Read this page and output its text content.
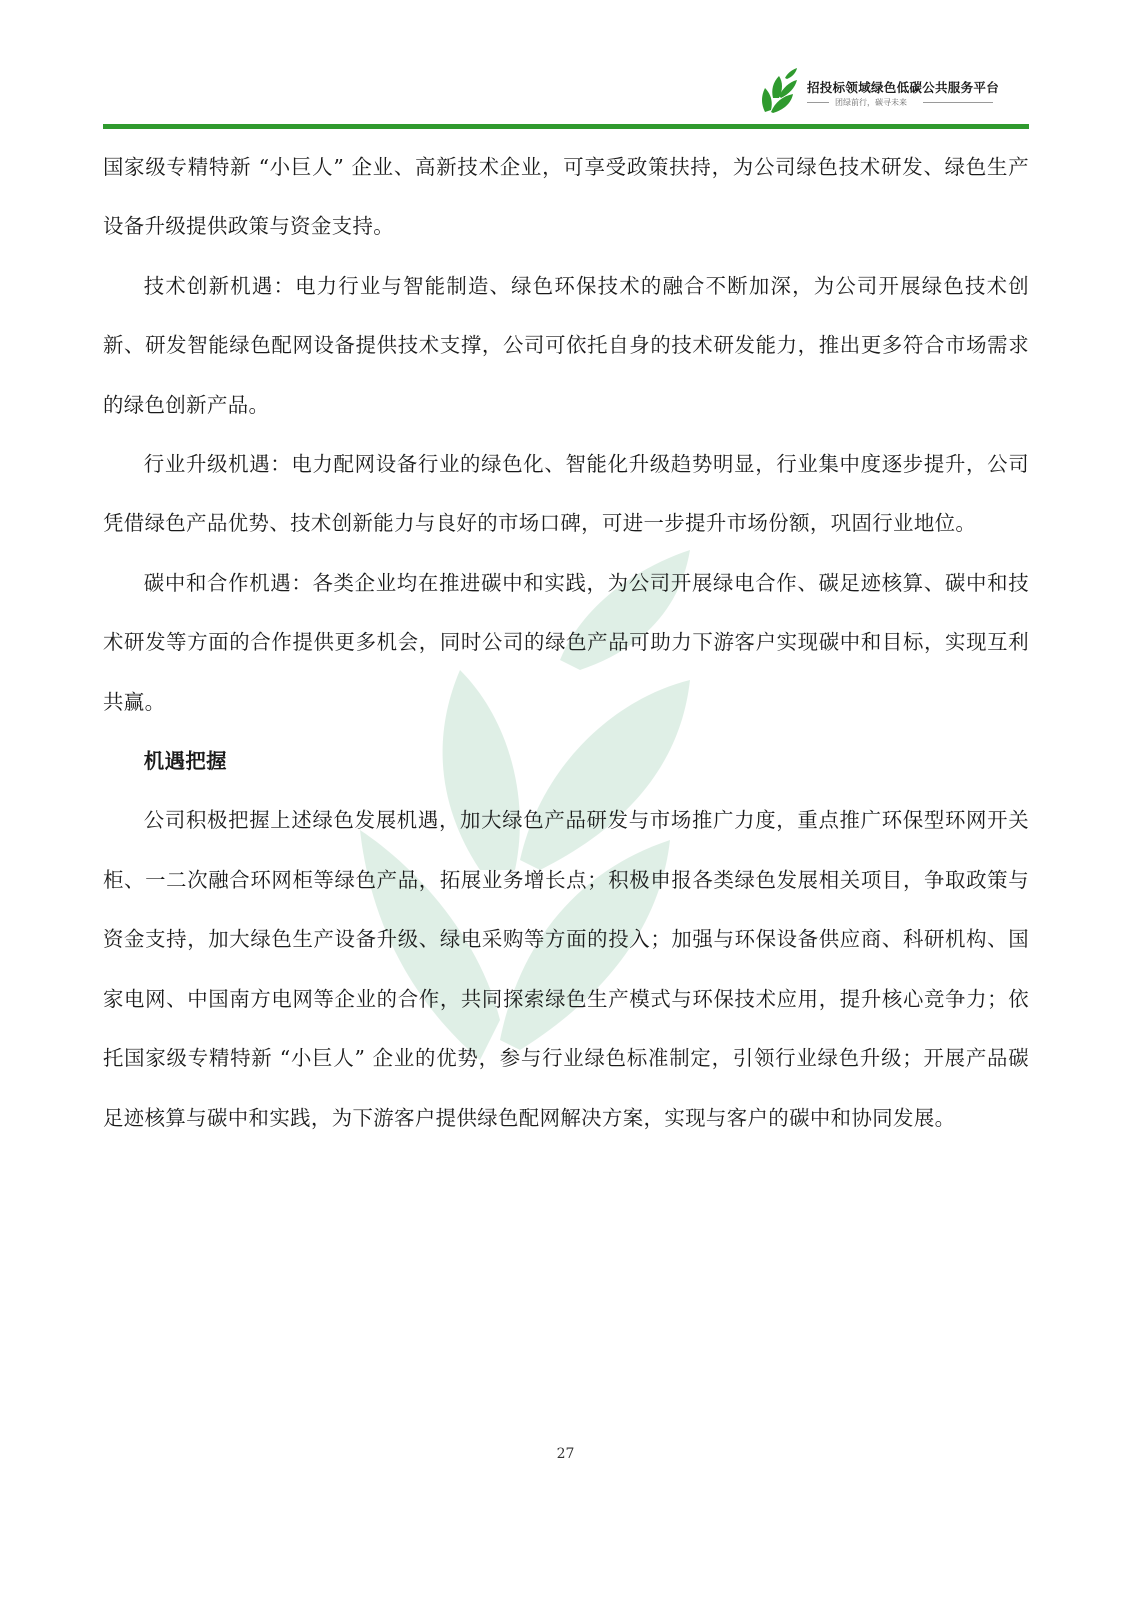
招投标领域绿色低碳公共服务平台
团绿前行，碳寻未来

国家级专精特新 “小巨人” 企业、高新技术企业，可享受政策扶持，为公司绿色技术研发、绿色生产设备升级提供政策与资金支持。

技术创新机遇：电力行业与智能制造、绿色环保技术的融合不断加深，为公司开展绿色技术创新、研发智能绿色配网设备提供技术支撑，公司可依托自身的技术研发能力，推出更多符合市场需求的绿色创新产品。

行业升级机遇：电力配网设备行业的绿色化、智能化升级趋势明显，行业集中度逐步提升，公司凭借绿色产品优势、技术创新能力与良好的市场口碑，可进一步提升市场份额，巩固行业地位。

碳中和合作机遇：各类企业均在推进碳中和实践，为公司开展绿电合作、碳足迹核算、碳中和技术研发等方面的合作提供更多机会，同时公司的绿色产品可助力下游客户实现碳中和目标，实现互利共赢。

机遇把握

公司积极把握上述绿色发展机遇，加大绿色产品研发与市场推广力度，重点推广环保型环网开关柜、一二次融合环网柜等绿色产品，拓展业务增长点；积极申报各类绿色发展相关项目，争取政策与资金支持，加大绿色生产设备升级、绿电采购等方面的投入；加强与环保设备供应商、科研机构、国家电网、中国南方电网等企业的合作，共同探索绿色生产模式与环保技术应用，提升核心竞争力；依托国家级专精特新 “小巨人” 企业的优势，参与行业绿色标准制定，引领行业绿色升级；开展产品碳足迹核算与碳中和实践，为下游客户提供绿色配网解决方案，实现与客户的碳中和协同发展。

27
